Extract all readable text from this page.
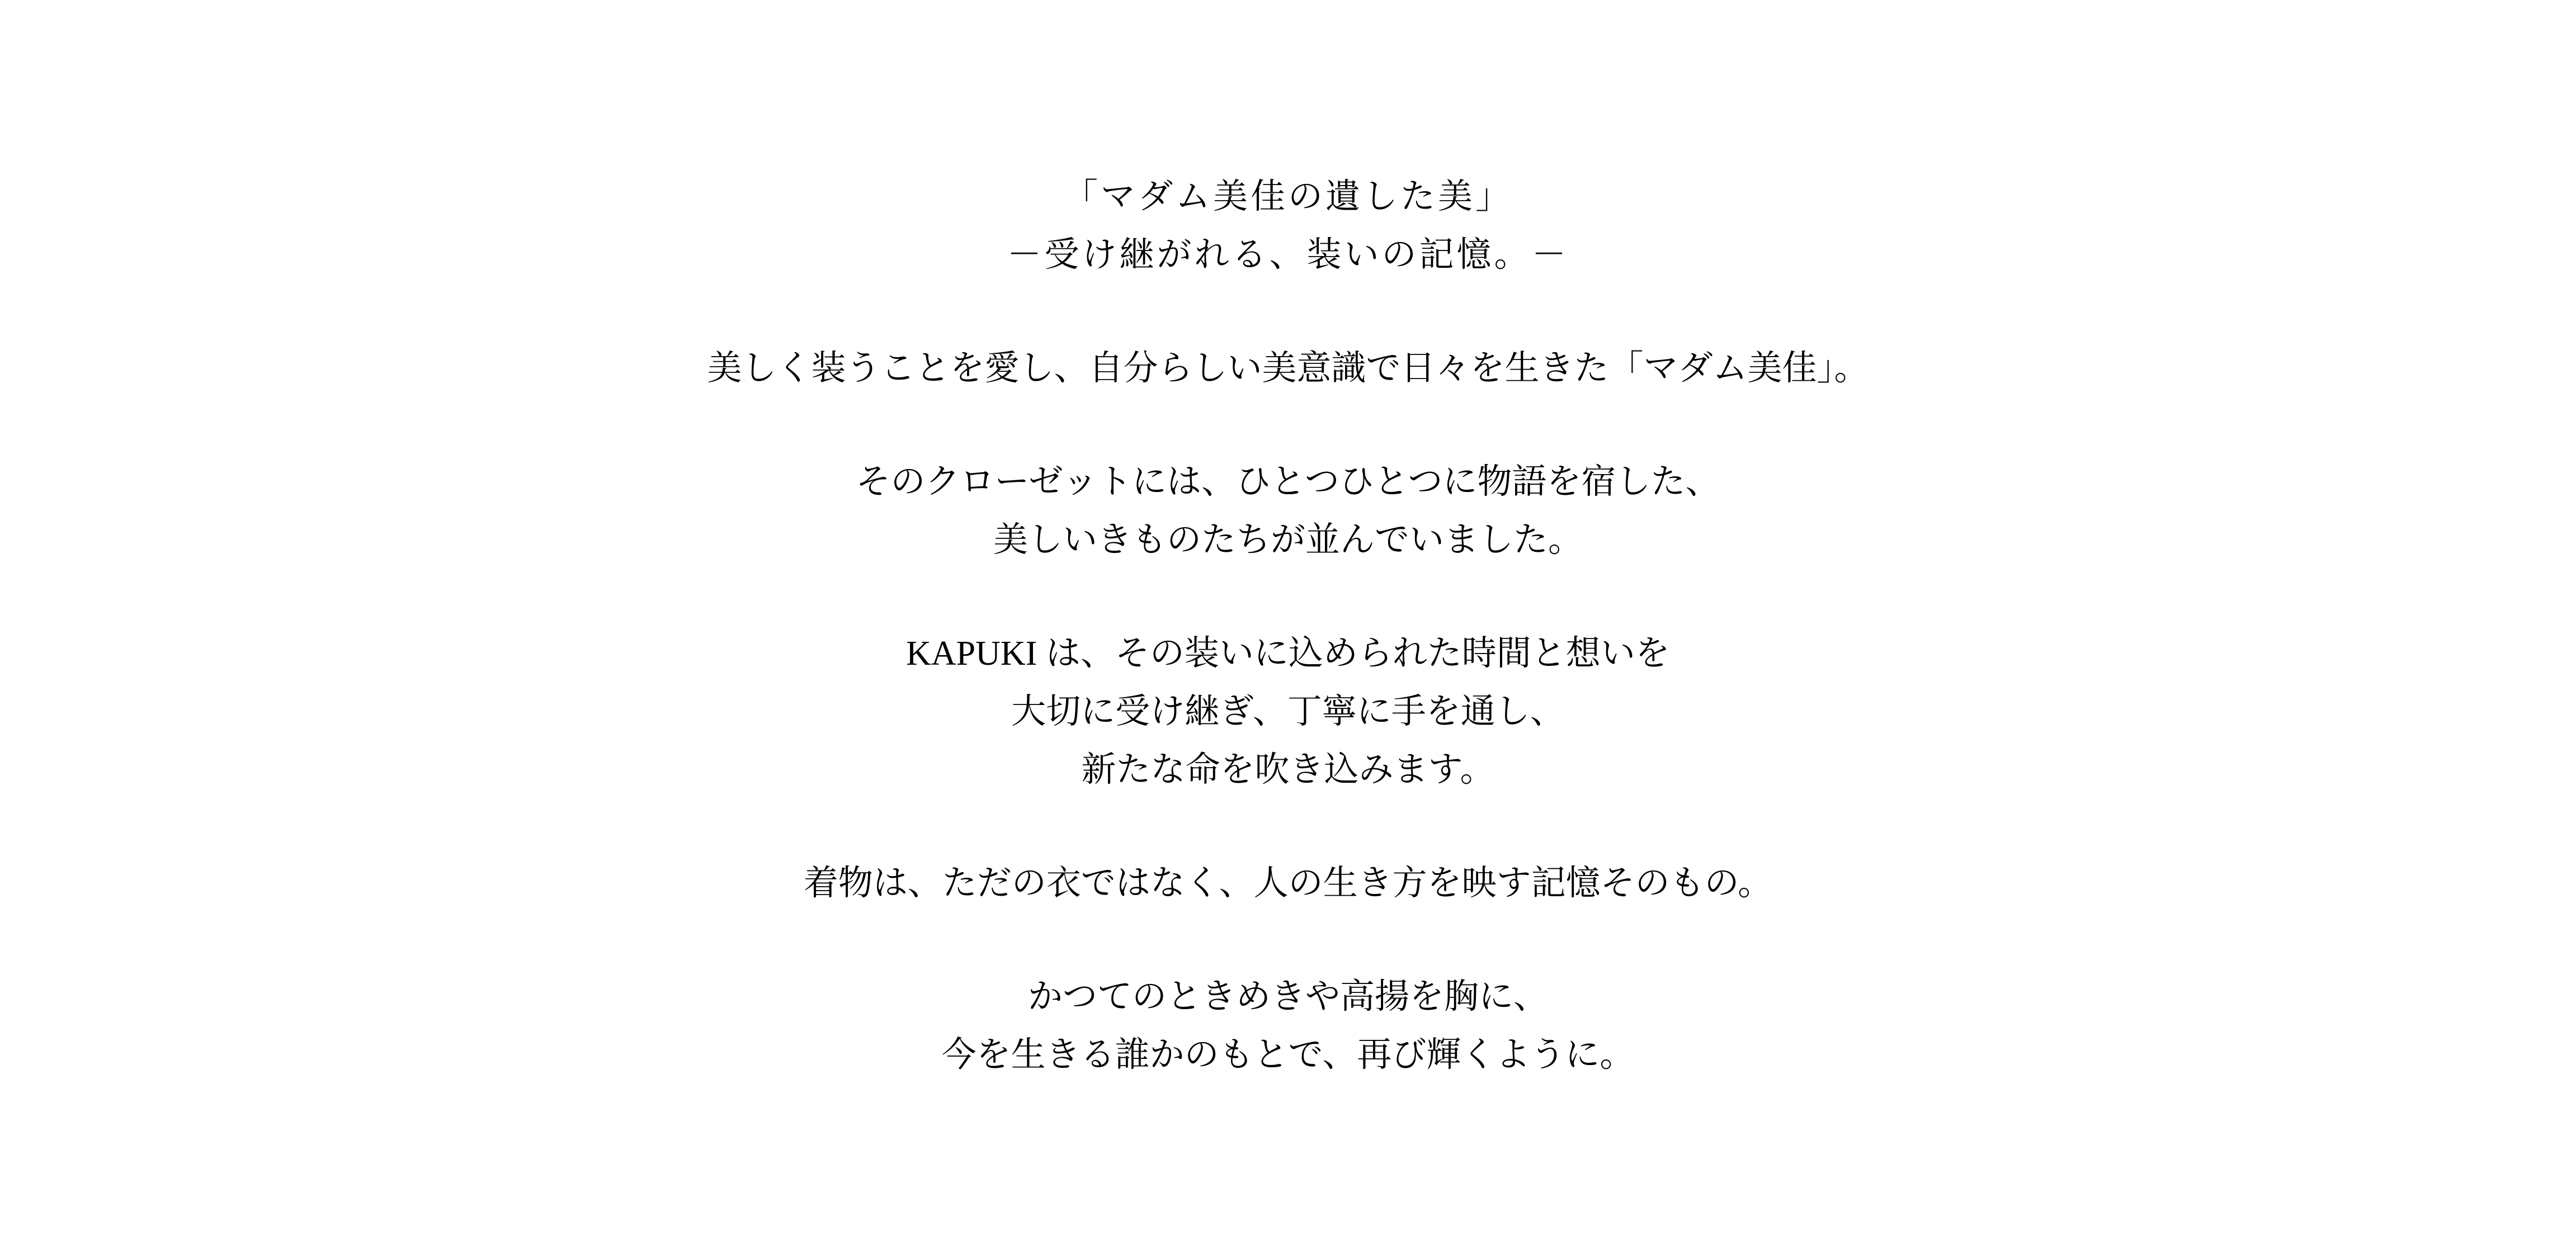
「マダム美佳の遺した美」
－受け継がれる、装いの記憶。－

美しく装うことを愛し、自分らしい美意識で日々を生きた「マダム美佳」。

そのクローゼットには、ひとつひとつに物語を宿した、
美しいきものたちが並んでいました。

KAPUKI は、その装いに込められた時間と想いを
大切に受け継ぎ、丁寧に手を通し、
新たな命を吹き込みます。

着物は、ただの衣ではなく、人の生き方を映す記憶そのもの。

かつてのときめきや高揚を胸に、
今を生きる誰かのもとで、再び輝くように。
